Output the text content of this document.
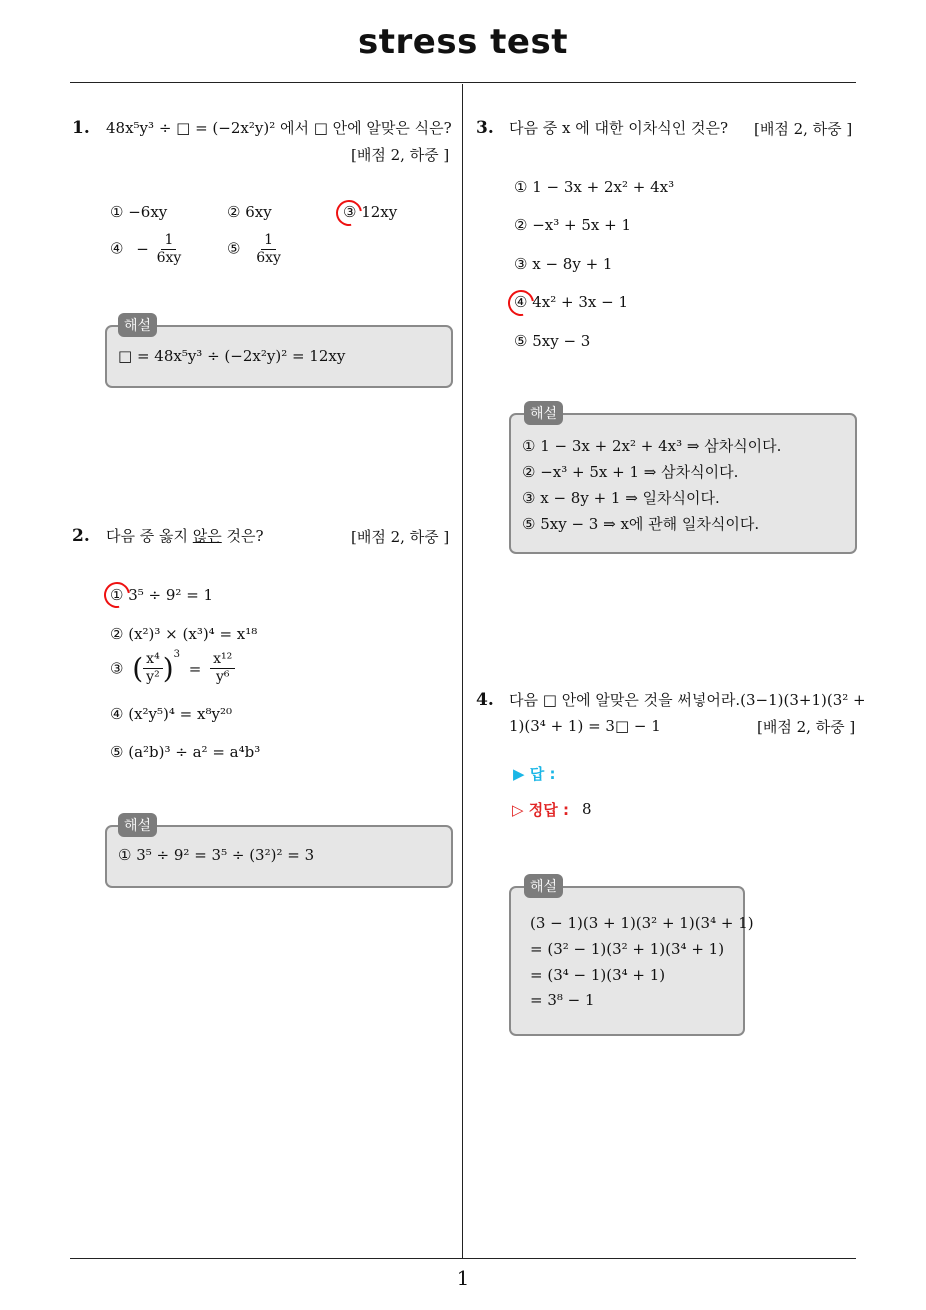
stress test
1
1. 48x⁵y³ ÷ □ = (−2x²y)² 에서 □ 안에 알맞은 식은?
[배점 2, 하중 ]
① −6xy	② 6xy	③ 12xy
④ − $\frac{1}{6xy}$	⑤ $\frac{1}{6xy}$
해설
□ = 48x⁵y³ ÷ (−2x²y)² = 12xy
2. 다음 중 옳지 않은 것은?	[배점 2, 하중 ]
① 3⁵ ÷ 9² = 1
② (x²)³ × (x³)⁴ = x¹⁸
③ ( $\frac{\text{x⁴}}{\text{y²}} )^3 = \frac{\text{x¹²}}{\text{y⁶}}$
④ (x²y⁵)⁴ = x⁸y²⁰
⑤ (a²b)³ ÷ a² = a⁴b³
해설
① 3⁵ ÷ 9² = 3⁵ ÷ (3²)² = 3
3. 다음 중 x 에 대한 이차식인 것은? [배점 2, 하중 ]
① 1 − 3x + 2x² + 4x³
② −x³ + 5x + 1
③ x − 8y + 1
④ 4x² + 3x − 1
⑤ 5xy − 3
해설
① 1 − 3x + 2x² + 4x³ ⇒ 삼차식이다.
② −x³ + 5x + 1 ⇒ 삼차식이다.
③ x − 8y + 1 ⇒ 일차식이다.
⑤ 5xy − 3 ⇒ x에 관해 일차식이다.
4. 다음 □ 안에 알맞은 것을 써넣어라.(3−1)(3+1)(3² +
1)(3⁴ + 1) = 3□ − 1	[배점 2, 하중 ]
▶ 답 :
▷ 정답 : 8
해설
(3 − 1)(3 + 1)(3² + 1)(3⁴ + 1)
= (3² − 1)(3² + 1)(3⁴ + 1)
= (3⁴ − 1)(3⁴ + 1)
= 3⁸ − 1
